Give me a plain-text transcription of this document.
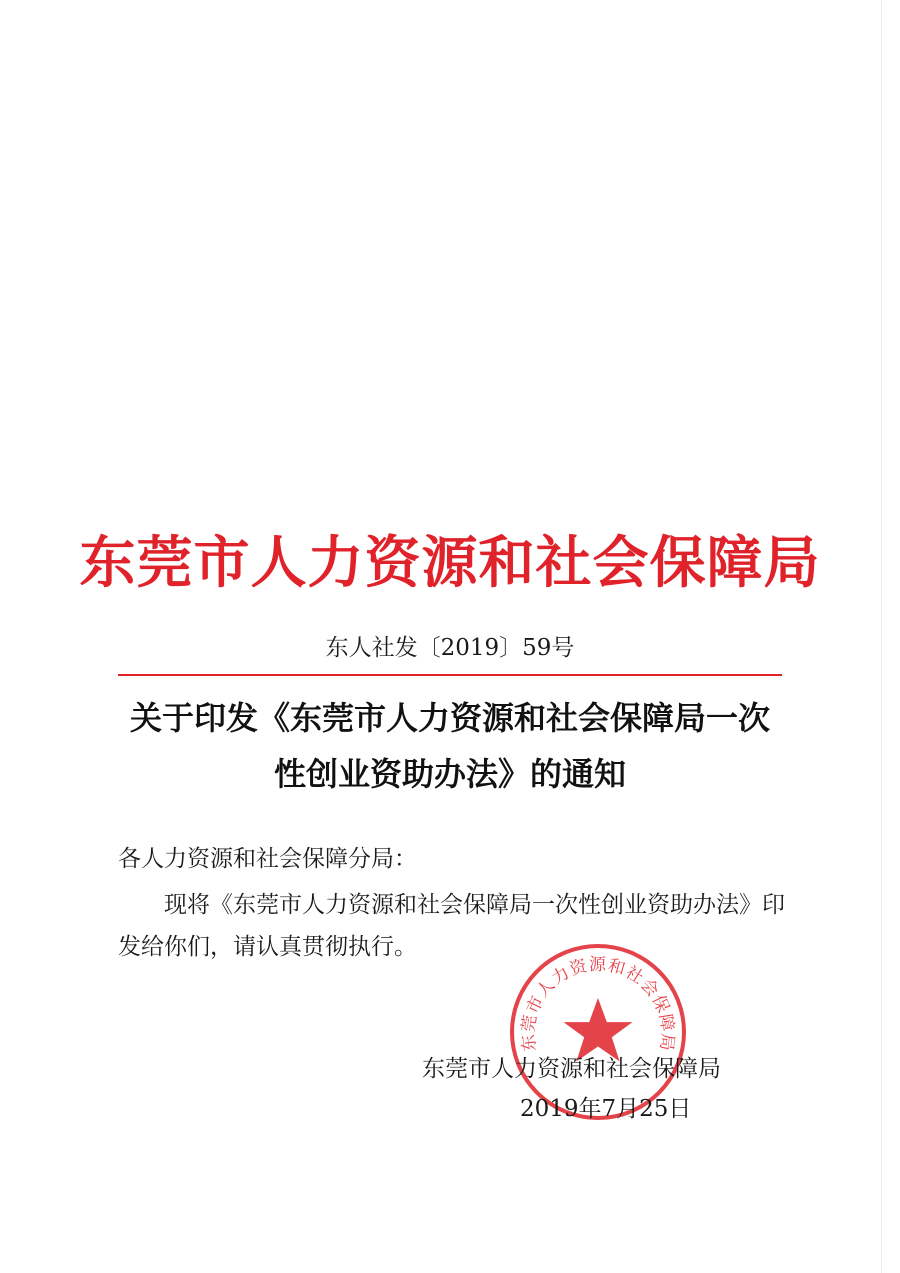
东莞市人力资源和社会保障局
东人社发〔2019〕59号
关于印发《东莞市人力资源和社会保障局一次
性创业资助办法》的通知
各人力资源和社会保障分局：
现将《东莞市人力资源和社会保障局一次性创业资助办法》印发给你们，请认真贯彻执行。
东莞市人力资源和社会保障局
东莞市人力资源和社会保障局
2019年7月25日
